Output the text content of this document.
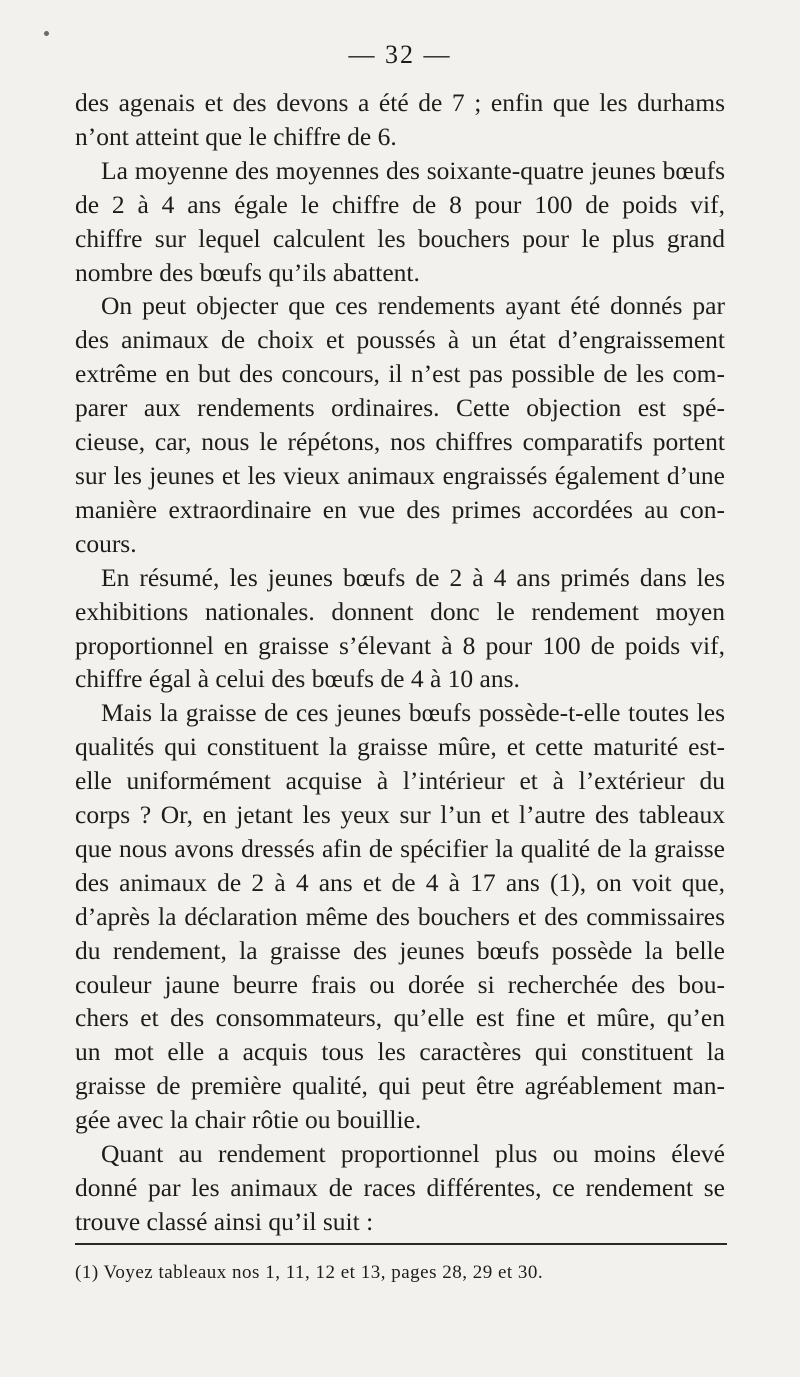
— 32 —

des agenais et des devons a été de 7 ; enfin que les durhams

n’ont atteint que le chiffre de 6.

La moyenne des moyennes des soixante-quatre jeunes bœufs

de 2 à 4 ans égale le chiffre de 8 pour 100 de poids vif,

chiffre sur lequel calculent les bouchers pour le plus grand

nombre des bœufs qu’ils abattent.

On peut objecter que ces rendements ayant été donnés par

des animaux de choix et poussés à un état d’engraissement

extrême en but des concours, il n’est pas possible de les com-

parer aux rendements ordinaires. Cette objection est spé-

cieuse, car, nous le répétons, nos chiffres comparatifs portent

sur les jeunes et les vieux animaux engraissés également d’une

manière extraordinaire en vue des primes accordées au con-

cours.

En résumé, les jeunes bœufs de 2 à 4 ans primés dans les

exhibitions nationales. donnent donc le rendement moyen

proportionnel en graisse s’élevant à 8 pour 100 de poids vif,

chiffre égal à celui des bœufs de 4 à 10 ans.

Mais la graisse de ces jeunes bœufs possède-t-elle toutes les

qualités qui constituent la graisse mûre, et cette maturité est-

elle uniformément acquise à l’intérieur et à l’extérieur du

corps ? Or, en jetant les yeux sur l’un et l’autre des tableaux

que nous avons dressés afin de spécifier la qualité de la graisse

des animaux de 2 à 4 ans et de 4 à 17 ans (1), on voit que,

d’après la déclaration même des bouchers et des commissaires

du rendement, la graisse des jeunes bœufs possède la belle

couleur jaune beurre frais ou dorée si recherchée des bou-

chers et des consommateurs, qu’elle est fine et mûre, qu’en

un mot elle a acquis tous les caractères qui constituent la

graisse de première qualité, qui peut être agréablement man-

gée avec la chair rôtie ou bouillie.

Quant au rendement proportionnel plus ou moins élevé

donné par les animaux de races différentes, ce rendement se

trouve classé ainsi qu’il suit :

(1) Voyez tableaux nos 1, 11, 12 et 13, pages 28, 29 et 30.
